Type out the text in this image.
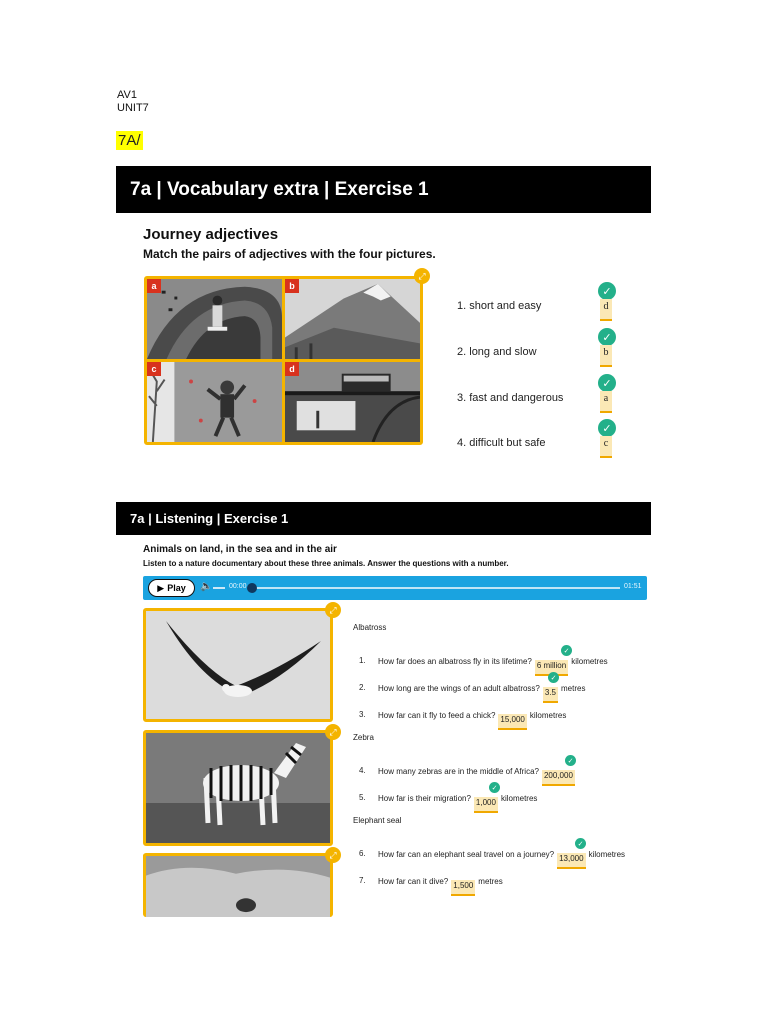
AV1
UNIT7
7A/
7a | Vocabulary extra | Exercise 1
Journey adjectives
Match the pairs of adjectives with the four pictures.
a	b
c	d
⤢
1. short and easy
✓
d
2. long and slow
✓
b
3. fast and dangerous
✓
a
4. difficult but safe
✓
c
7a | Listening | Exercise 1
Animals on land, in the sea and in the air
Listen to a nature documentary about these three animals. Answer the questions with a number.
▶ Play 🔈 00:00	01:51
⤢
⤢
⤢
Albatross
1. How far does an albatross fly in its lifetime? 6 million kilometres
✓
2. How long are the wings of an adult albatross? 3.5 metres
✓
3. How far can it fly to feed a chick? 15,000 kilometres
Zebra
4. How many zebras are in the middle of Africa? 200,000
✓
5. How far is their migration? 1,000 kilometres
✓
Elephant seal
6. How far can an elephant seal travel on a journey? 13,000 kilometres
✓
7. How far can it dive? 1,500 metres
